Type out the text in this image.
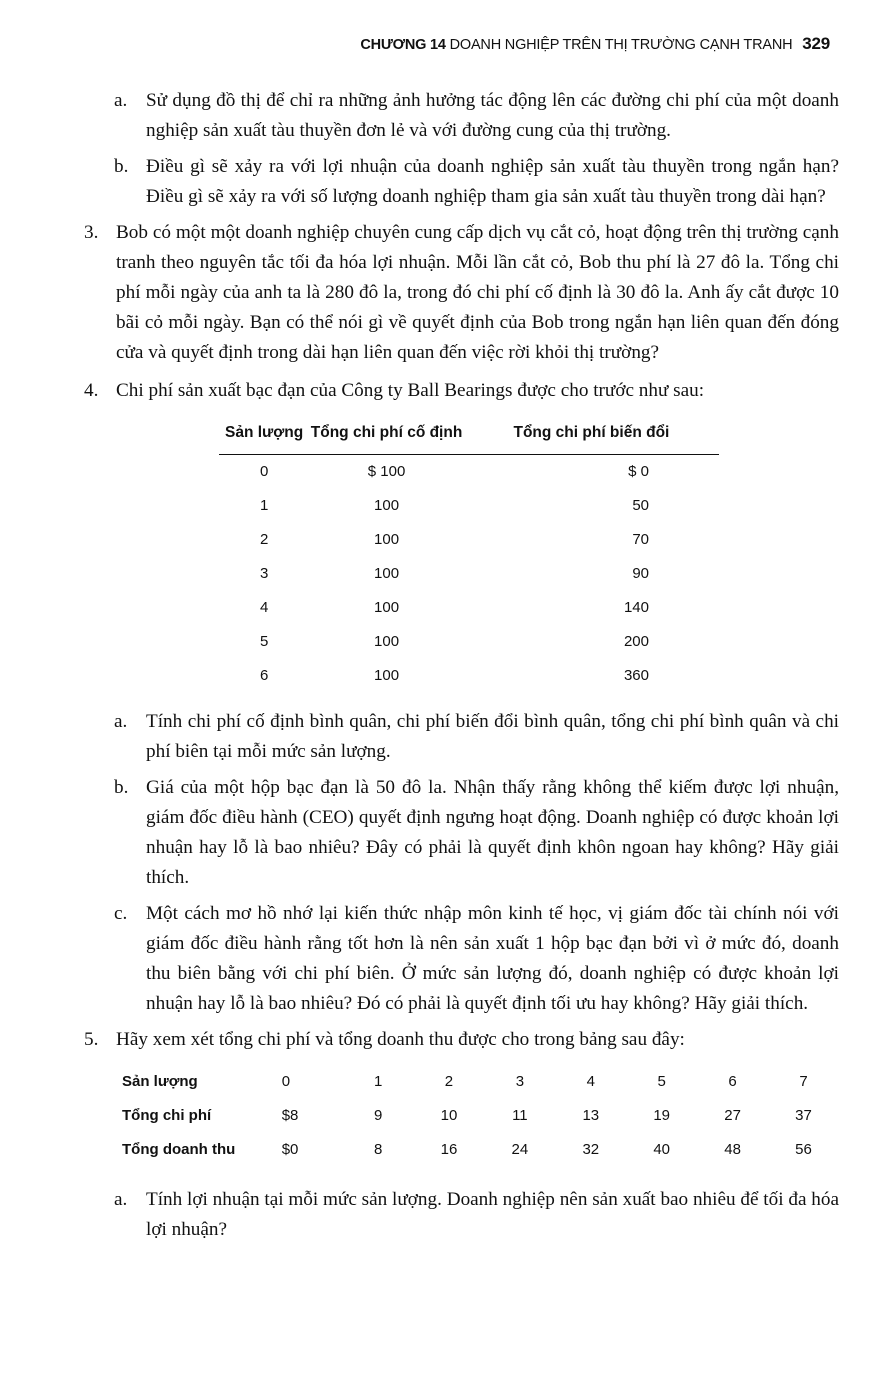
CHƯƠNG 14 DOANH NGHIỆP TRÊN THỊ TRƯỜNG CẠNH TRANH 329
a. Sử dụng đồ thị để chỉ ra những ảnh hưởng tác động lên các đường chi phí của một doanh nghiệp sản xuất tàu thuyền đơn lẻ và với đường cung của thị trường.
b. Điều gì sẽ xảy ra với lợi nhuận của doanh nghiệp sản xuất tàu thuyền trong ngắn hạn? Điều gì sẽ xảy ra với số lượng doanh nghiệp tham gia sản xuất tàu thuyền trong dài hạn?
3. Bob có một một doanh nghiệp chuyên cung cấp dịch vụ cắt cỏ, hoạt động trên thị trường cạnh tranh theo nguyên tắc tối đa hóa lợi nhuận. Mỗi lần cắt cỏ, Bob thu phí là 27 đô la. Tổng chi phí mỗi ngày của anh ta là 280 đô la, trong đó chi phí cố định là 30 đô la. Anh ấy cắt được 10 bãi cỏ mỗi ngày. Bạn có thể nói gì về quyết định của Bob trong ngắn hạn liên quan đến đóng cửa và quyết định trong dài hạn liên quan đến việc rời khỏi thị trường?
4. Chi phí sản xuất bạc đạn của Công ty Ball Bearings được cho trước như sau:
Sản lượng	Tổng chi phí cố định	Tổng chi phí biến đổi
0	$ 100	$ 0
1	100	50
2	100	70
3	100	90
4	100	140
5	100	200
6	100	360
a. Tính chi phí cố định bình quân, chi phí biến đổi bình quân, tổng chi phí bình quân và chi phí biên tại mỗi mức sản lượng.
b. Giá của một hộp bạc đạn là 50 đô la. Nhận thấy rằng không thể kiếm được lợi nhuận, giám đốc điều hành (CEO) quyết định ngưng hoạt động. Doanh nghiệp có được khoản lợi nhuận hay lỗ là bao nhiêu? Đây có phải là quyết định khôn ngoan hay không? Hãy giải thích.
c. Một cách mơ hồ nhớ lại kiến thức nhập môn kinh tế học, vị giám đốc tài chính nói với giám đốc điều hành rằng tốt hơn là nên sản xuất 1 hộp bạc đạn bởi vì ở mức đó, doanh thu biên bằng với chi phí biên. Ở mức sản lượng đó, doanh nghiệp có được khoản lợi nhuận hay lỗ là bao nhiêu? Đó có phải là quyết định tối ưu hay không? Hãy giải thích.
5. Hãy xem xét tổng chi phí và tổng doanh thu được cho trong bảng sau đây:
Sản lượng	0	1	2	3	4	5	6	7
Tổng chi phí	$8	9	10	11	13	19	27	37
Tổng doanh thu	$0	8	16	24	32	40	48	56
a. Tính lợi nhuận tại mỗi mức sản lượng. Doanh nghiệp nên sản xuất bao nhiêu để tối đa hóa lợi nhuận?
